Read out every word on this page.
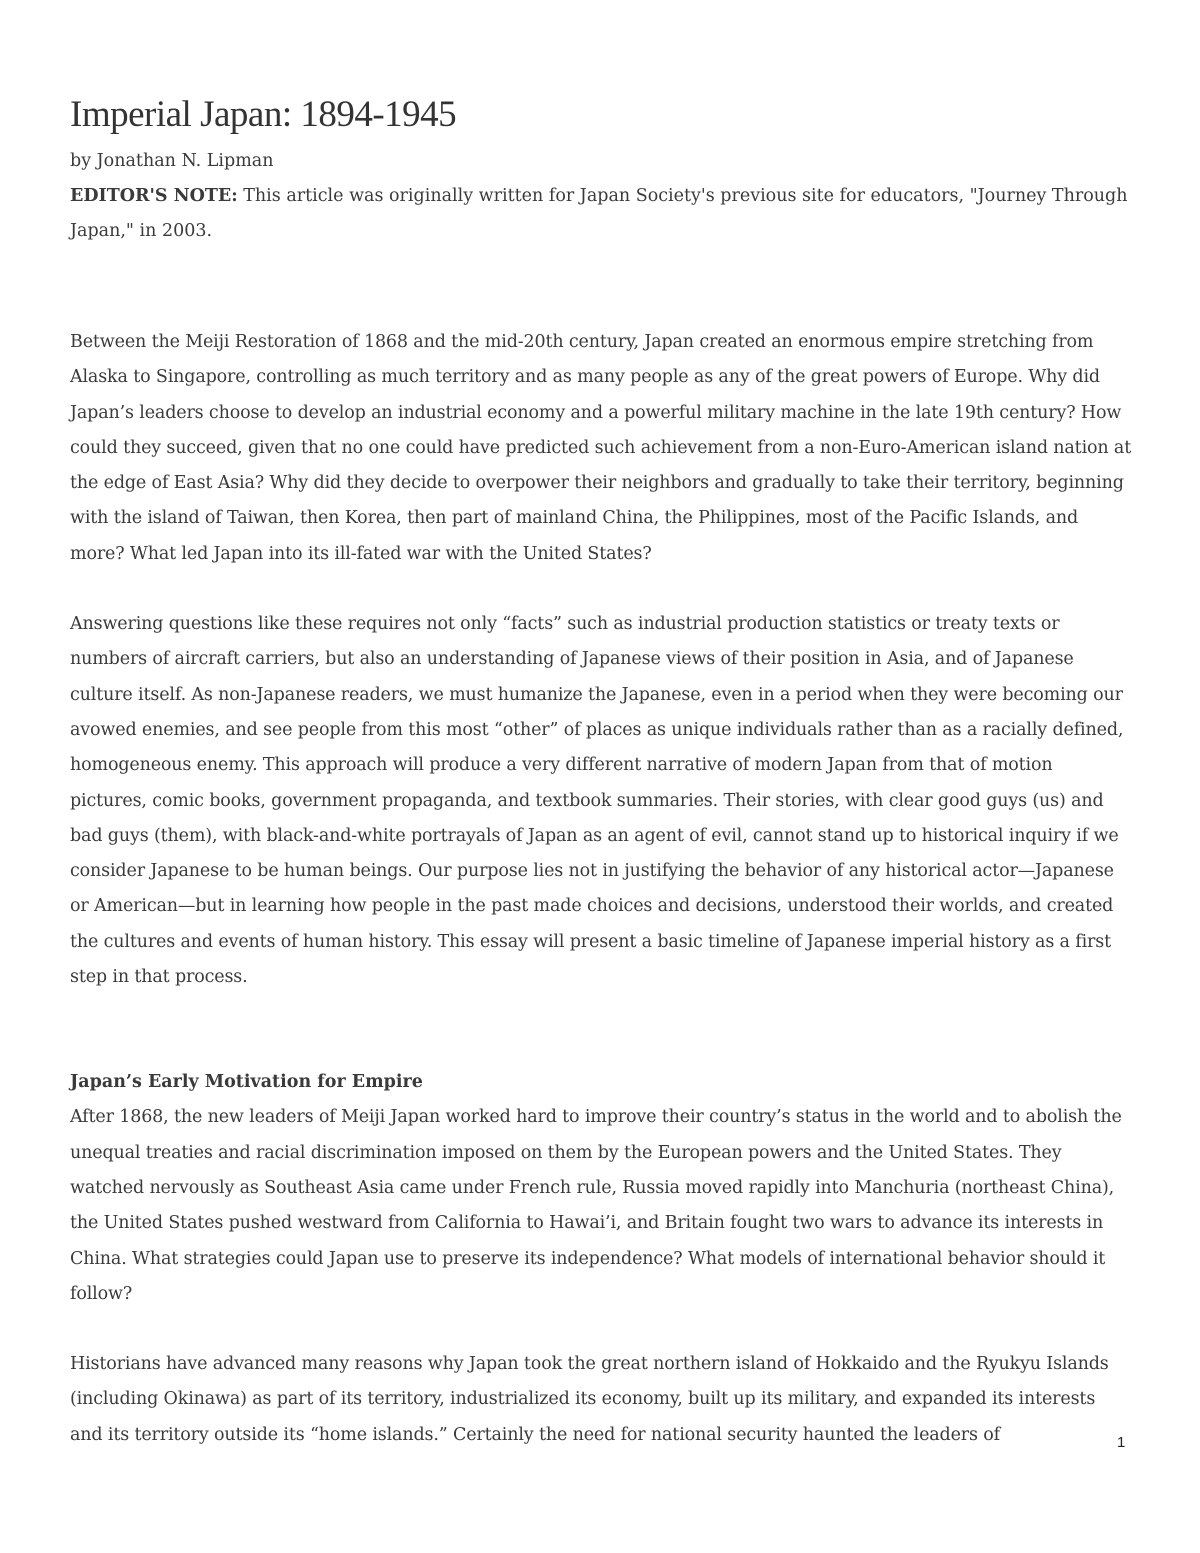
Imperial Japan: 1894-1945
by Jonathan N. Lipman
EDITOR'S NOTE: This article was originally written for Japan Society's previous site for educators, "Journey Through Japan," in 2003.

Between the Meiji Restoration of 1868 and the mid-20th century, Japan created an enormous empire stretching from Alaska to Singapore, controlling as much territory and as many people as any of the great powers of Europe. Why did Japan’s leaders choose to develop an industrial economy and a powerful military machine in the late 19th century? How could they succeed, given that no one could have predicted such achievement from a non-Euro-American island nation at the edge of East Asia? Why did they decide to overpower their neighbors and gradually to take their territory, beginning with the island of Taiwan, then Korea, then part of mainland China, the Philippines, most of the Pacific Islands, and more? What led Japan into its ill-fated war with the United States?

Answering questions like these requires not only “facts” such as industrial production statistics or treaty texts or numbers of aircraft carriers, but also an understanding of Japanese views of their position in Asia, and of Japanese culture itself. As non-Japanese readers, we must humanize the Japanese, even in a period when they were becoming our avowed enemies, and see people from this most “other” of places as unique individuals rather than as a racially defined, homogeneous enemy. This approach will produce a very different narrative of modern Japan from that of motion pictures, comic books, government propaganda, and textbook summaries. Their stories, with clear good guys (us) and bad guys (them), with black-and-white portrayals of Japan as an agent of evil, cannot stand up to historical inquiry if we consider Japanese to be human beings. Our purpose lies not in justifying the behavior of any historical actor—Japanese or American—but in learning how people in the past made choices and decisions, understood their worlds, and created the cultures and events of human history. This essay will present a basic timeline of Japanese imperial history as a first step in that process.

Japan’s Early Motivation for Empire

After 1868, the new leaders of Meiji Japan worked hard to improve their country’s status in the world and to abolish the unequal treaties and racial discrimination imposed on them by the European powers and the United States. They watched nervously as Southeast Asia came under French rule, Russia moved rapidly into Manchuria (northeast China), the United States pushed westward from California to Hawai’i, and Britain fought two wars to advance its interests in China. What strategies could Japan use to preserve its independence? What models of international behavior should it follow?

Historians have advanced many reasons why Japan took the great northern island of Hokkaido and the Ryukyu Islands (including Okinawa) as part of its territory, industrialized its economy, built up its military, and expanded its interests and its territory outside its “home islands.” Certainly the need for national security haunted the leaders of	1
